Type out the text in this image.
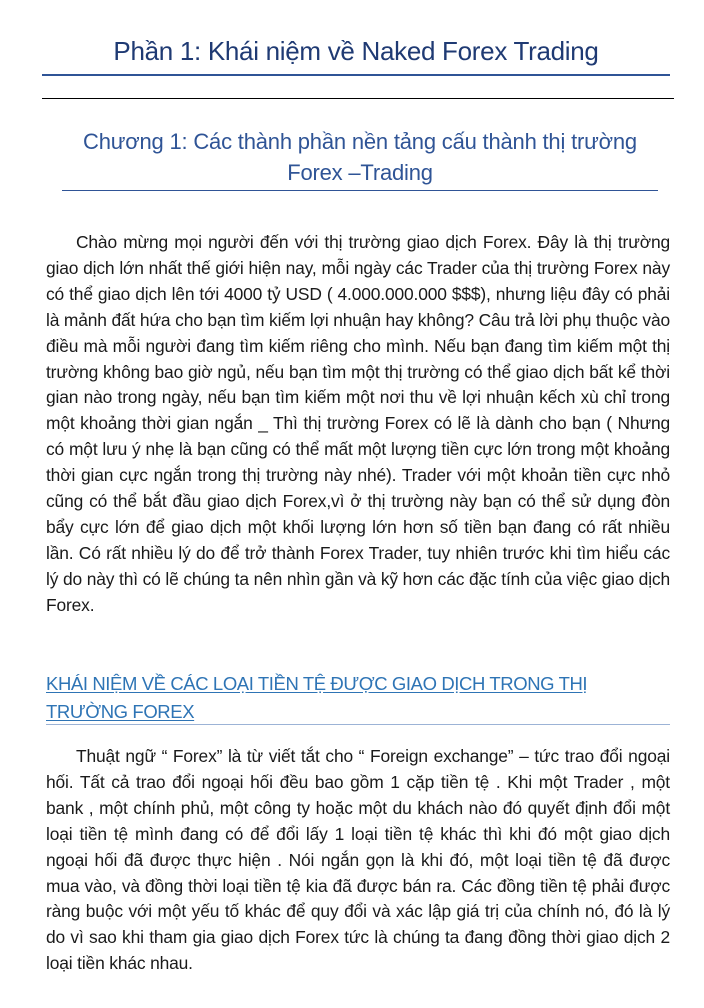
Phần 1: Khái niệm về Naked Forex Trading
Chương 1: Các thành phần nền tảng cấu thành thị trường Forex –Trading

Chào mừng mọi người đến với thị trường giao dịch Forex. Đây là thị trường giao dịch lớn nhất thế giới hiện nay, mỗi ngày các Trader của thị trường Forex này có thể giao dịch lên tới 4000 tỷ USD ( 4.000.000.000 $$$), nhưng liệu đây có phải là mảnh đất hứa cho bạn tìm kiếm lợi nhuận hay không? Câu trả lời phụ thuộc vào điều mà mỗi người đang tìm kiếm riêng cho mình. Nếu bạn đang tìm kiếm một thị trường không bao giờ ngủ, nếu bạn tìm một thị trường có thể giao dịch bất kể thời gian nào trong ngày, nếu bạn tìm kiếm một nơi thu về lợi nhuận kếch xù chỉ trong một khoảng thời gian ngắn _ Thì thị trường Forex có lẽ là dành cho bạn ( Nhưng có một lưu ý nhẹ là bạn cũng có thể mất một lượng tiền cực lớn trong một khoảng thời gian cực ngắn trong thị trường này nhé). Trader với một khoản tiền cực nhỏ cũng có thể bắt đầu giao dịch Forex,vì ở thị trường này bạn có thể sử dụng đòn bẩy cực lớn để giao dịch một khối lượng lớn hơn số tiền bạn đang có rất nhiều lần. Có rất nhiều lý do để trở thành Forex Trader, tuy nhiên trước khi tìm hiểu các lý do này thì có lẽ chúng ta nên nhìn gần và kỹ hơn các đặc tính của việc giao dịch Forex.

KHÁI NIỆM VỀ CÁC LOẠI TIỀN TỆ ĐƯỢC GIAO DỊCH TRONG THỊ TRƯỜNG FOREX

Thuật ngữ “ Forex” là từ viết tắt cho “ Foreign exchange” – tức trao đổi ngoại hối. Tất cả trao đổi ngoại hối đều bao gồm 1 cặp tiền tệ . Khi một Trader , một bank , một chính phủ, một công ty hoặc một du khách nào đó quyết định đổi một loại tiền tệ mình đang có để đổi lấy 1 loại tiền tệ khác thì khi đó một giao dịch ngoại hối đã được thực hiện . Nói ngắn gọn là khi đó, một loại tiền tệ đã được mua vào, và đồng thời loại tiền tệ kia đã được bán ra. Các đồng tiền tệ phải được ràng buộc với một yếu tố khác để quy đổi và xác lập giá trị của chính nó, đó là lý do vì sao khi tham gia giao dịch Forex tức là chúng ta đang đồng thời giao dịch 2 loại tiền khác nhau.
